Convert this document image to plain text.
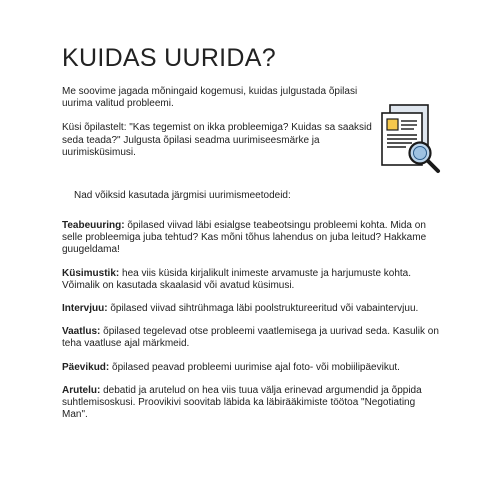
KUIDAS UURIDA?

Me soovime jagada mõningaid kogemusi, kuidas julgustada õpilasi uurima valitud probleemi.

Küsi õpilastelt: "Kas tegemist on ikka probleemiga? Kuidas sa saaksid seda teada?" Julgusta õpilasi seadma uurimiseesmärke ja uurimisküsimusi.

Nad võiksid kasutada järgmisi uurimismeetodeid:

Teabeuuring: õpilased viivad läbi esialgse teabeotsingu probleemi kohta. Mida on selle probleemiga juba tehtud? Kas mõni tõhus lahendus on juba leitud? Hakkame guugeldama!

Küsimustik: hea viis küsida kirjalikult inimeste arvamuste ja harjumuste kohta. Võimalik on kasutada skaalasid või avatud küsimusi.

Intervjuu: õpilased viivad sihtrühmaga läbi poolstruktureeritud või vabaintervjuu.

Vaatlus: õpilased tegelevad otse probleemi vaatlemisega ja uurivad seda. Kasulik on teha vaatluse ajal märkmeid.

Päevikud: õpilased peavad probleemi uurimise ajal foto- või mobiilipäevikut.

Arutelu: debatid ja arutelud on hea viis tuua välja erinevad argumendid ja õppida suhtlemisoskusi. Proovikivi soovitab läbida ka läbirääkimiste töötoa "Negotiating Man".
